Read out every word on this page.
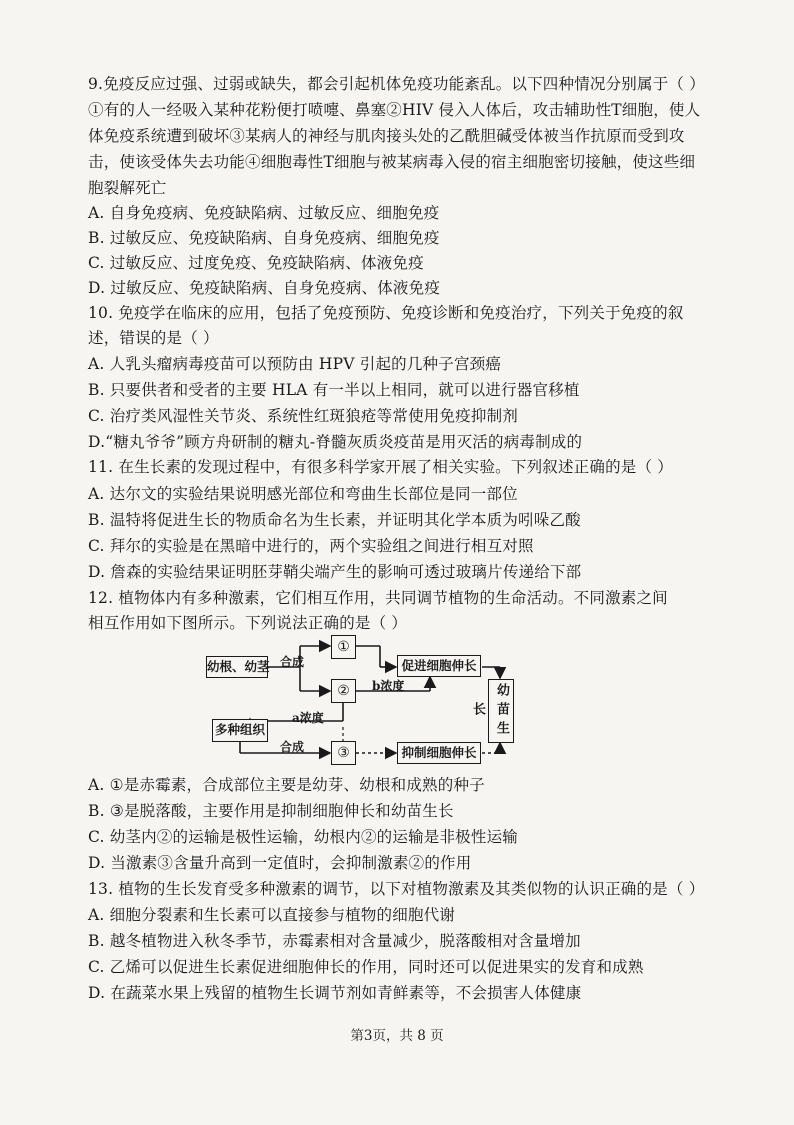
9.免疫反应过强、过弱或缺失，都会引起机体免疫功能紊乱。以下四种情况分别属于（ ）
①有的人一经吸入某种花粉便打喷嚏、鼻塞②HIV 侵入人体后，攻击辅助性T细胞，使人
体免疫系统遭到破坏③某病人的神经与肌肉接头处的乙酰胆碱受体被当作抗原而受到攻
击，使该受体失去功能④细胞毒性T细胞与被某病毒入侵的宿主细胞密切接触，使这些细
胞裂解死亡
A. 自身免疫病、免疫缺陷病、过敏反应、细胞免疫
B. 过敏反应、免疫缺陷病、自身免疫病、细胞免疫
C. 过敏反应、过度免疫、免疫缺陷病、体液免疫
D. 过敏反应、免疫缺陷病、自身免疫病、体液免疫
10. 免疫学在临床的应用，包括了免疫预防、免疫诊断和免疫治疗，下列关于免疫的叙
述，错误的是（ ）
A. 人乳头瘤病毒疫苗可以预防由 HPV 引起的几种子宫颈癌
B. 只要供者和受者的主要 HLA 有一半以上相同，就可以进行器官移植
C. 治疗类风湿性关节炎、系统性红斑狼疮等常使用免疫抑制剂
D.“糖丸爷爷”顾方舟研制的糖丸-脊髓灰质炎疫苗是用灭活的病毒制成的
11. 在生长素的发现过程中，有很多科学家开展了相关实验。下列叙述正确的是（ ）
A. 达尔文的实验结果说明感光部位和弯曲生长部位是同一部位
B. 温特将促进生长的物质命名为生长素，并证明其化学本质为吲哚乙酸
C. 拜尔的实验是在黑暗中进行的，两个实验组之间进行相互对照
D. 詹森的实验结果证明胚芽鞘尖端产生的影响可透过玻璃片传递给下部
12. 植物体内有多种激素，它们相互作用，共同调节植物的生命活动。不同激素之间
相互作用如下图所示。下列说法正确的是（ ）
幼根、幼茎 合成
①
②	b浓度
促进细胞伸长
幼苗生长
a浓度
多种组织
合成	③	抑制细胞伸长
A. ①是赤霉素，合成部位主要是幼芽、幼根和成熟的种子
B. ③是脱落酸，主要作用是抑制细胞伸长和幼苗生长
C. 幼茎内②的运输是极性运输，幼根内②的运输是非极性运输
D. 当激素③含量升高到一定值时，会抑制激素②的作用
13. 植物的生长发育受多种激素的调节，以下对植物激素及其类似物的认识正确的是（ ）
A. 细胞分裂素和生长素可以直接参与植物的细胞代谢
B. 越冬植物进入秋冬季节，赤霉素相对含量减少，脱落酸相对含量增加
C. 乙烯可以促进生长素促进细胞伸长的作用，同时还可以促进果实的发育和成熟
D. 在蔬菜水果上残留的植物生长调节剂如青鲜素等，不会损害人体健康
第3页，共 8 页
